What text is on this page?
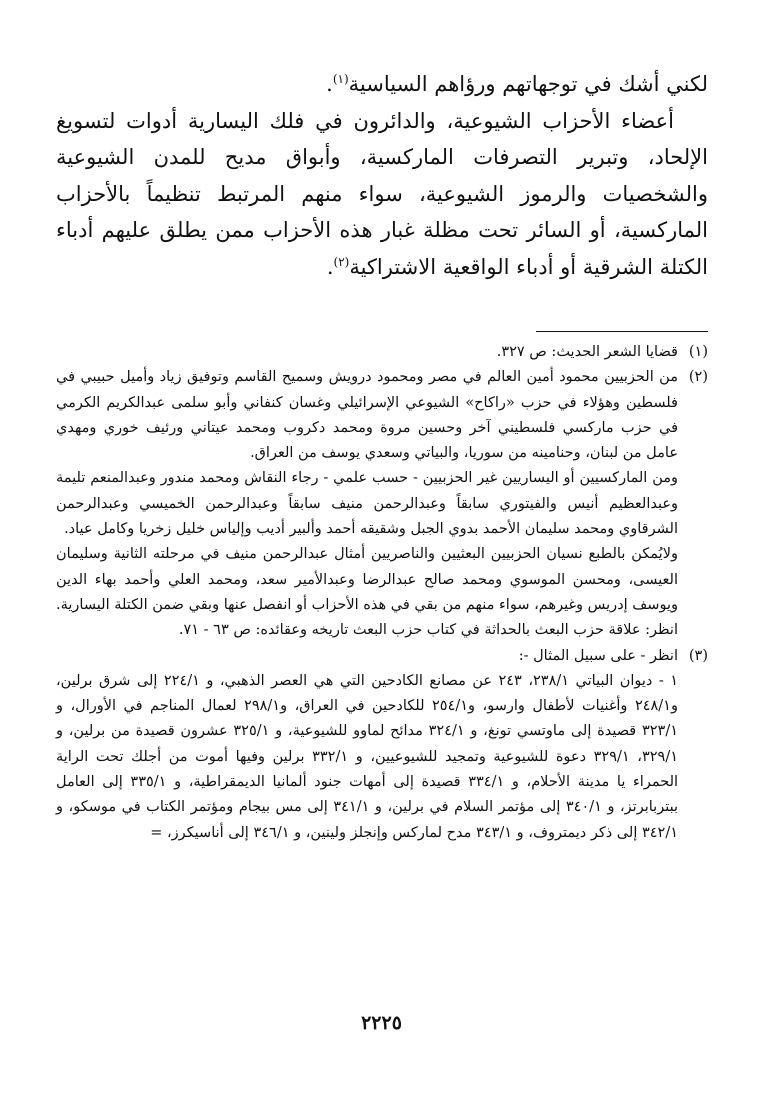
لكني أشك في توجهاتهم ورؤاهم السياسية$^{(١)}$.

أعضاء الأحزاب الشيوعية، والدائرون في فلك اليسارية أدوات لتسويغ الإلحاد، وتبرير التصرفات الماركسية، وأبواق مديح للمدن الشيوعية والشخصيات والرموز الشيوعية، سواء منهم المرتبط تنظيماً بالأحزاب الماركسية، أو السائر تحت مظلة غبار هذه الأحزاب ممن يطلق عليهم أدباء الكتلة الشرقية أو أدباء الواقعية الاشتراكية$^{(٢)}$.

(١)

قضايا الشعر الحديث: ص ٣٢٧.

(٢)

من الحزبيين محمود أمين العالم في مصر ومحمود درويش وسميح القاسم وتوفيق زياد وأميل حبيبي في فلسطين وهؤلاء في حزب «راكاح» الشيوعي الإسرائيلي وغسان كنفاني وأبو سلمى عبدالكريم الكرمي في حزب ماركسي فلسطيني آخر وحسين مروة ومحمد دكروب ومحمد عيتاني ورئيف خوري ومهدي عامل من لبنان، وحنامينه من سوريا، والبياتي وسعدي يوسف من العراق.

ومن الماركسيين أو اليساريين غير الحزبيين - حسب علمي - رجاء النقاش ومحمد مندور وعبدالمنعم تليمة وعبدالعظيم أنيس والفيتوري سابقاً وعبدالرحمن منيف سابقاً وعبدالرحمن الخميسي وعبدالرحمن الشرقاوي ومحمد سليمان الأحمد بدوي الجبل وشقيقه أحمد وألبير أديب وإلياس خليل زخريا وكامل عياد.

ولايُمكن بالطبع نسيان الحزبيين البعثيين والناصريين أمثال عبدالرحمن منيف في مرحلته الثانية وسليمان العيسى، ومحسن الموسوي ومحمد صالح عبدالرضا وعبدالأمير سعد، ومحمد العلي وأحمد بهاء الدين ويوسف إدريس وغيرهم، سواء منهم من بقي في هذه الأحزاب أو انفصل عنها وبقي ضمن الكتلة اليسارية. انظر: علاقة حزب البعث بالحداثة في كتاب حزب البعث تاريخه وعقائده: ص ٦٣ - ٧١.

(٣)

انظر - على سبيل المثال -:

١ - ديوان البياتي ٢٣٨/١، ٢٤٣ عن مصانع الكادحين التي هي العصر الذهبي، و ٢٢٤/١ إلى شرق برلين، و٢٤٨/١ وأغنيات لأطفال وارسو، و٢٥٤/١ للكادحين في العراق، و٢٩٨/١ لعمال المناجم في الأورال، و ٣٢٣/١ قصيدة إلى ماوتسي تونغ، و ٣٢٤/١ مدائح لماوو للشيوعية، و ٣٢٥/١ عشرون قصيدة من برلين، و ٣٢٩/١، ٣٢٩/١ دعوة للشيوعية وتمجيد للشيوعيين، و ٣٣٢/١ برلين وفيها أموت من أجلك تحت الراية الحمراء يا مدينة الأحلام، و ٣٣٤/١ قصيدة إلى أمهات جنود ألمانيا الديمقراطية، و ٣٣٥/١ إلى العامل ببتربابرتز، و ٣٤٠/١ إلى مؤتمر السلام في برلين، و ٣٤١/١ إلى مس بيجام ومؤتمر الكتاب في موسكو، و ٣٤٢/١ إلى ذكر ديمتروف، و ٣٤٣/١ مدح لماركس وإنجلز ولينين، و ٣٤٦/١ إلى أناسيكرز، =

٢٢٢٥
